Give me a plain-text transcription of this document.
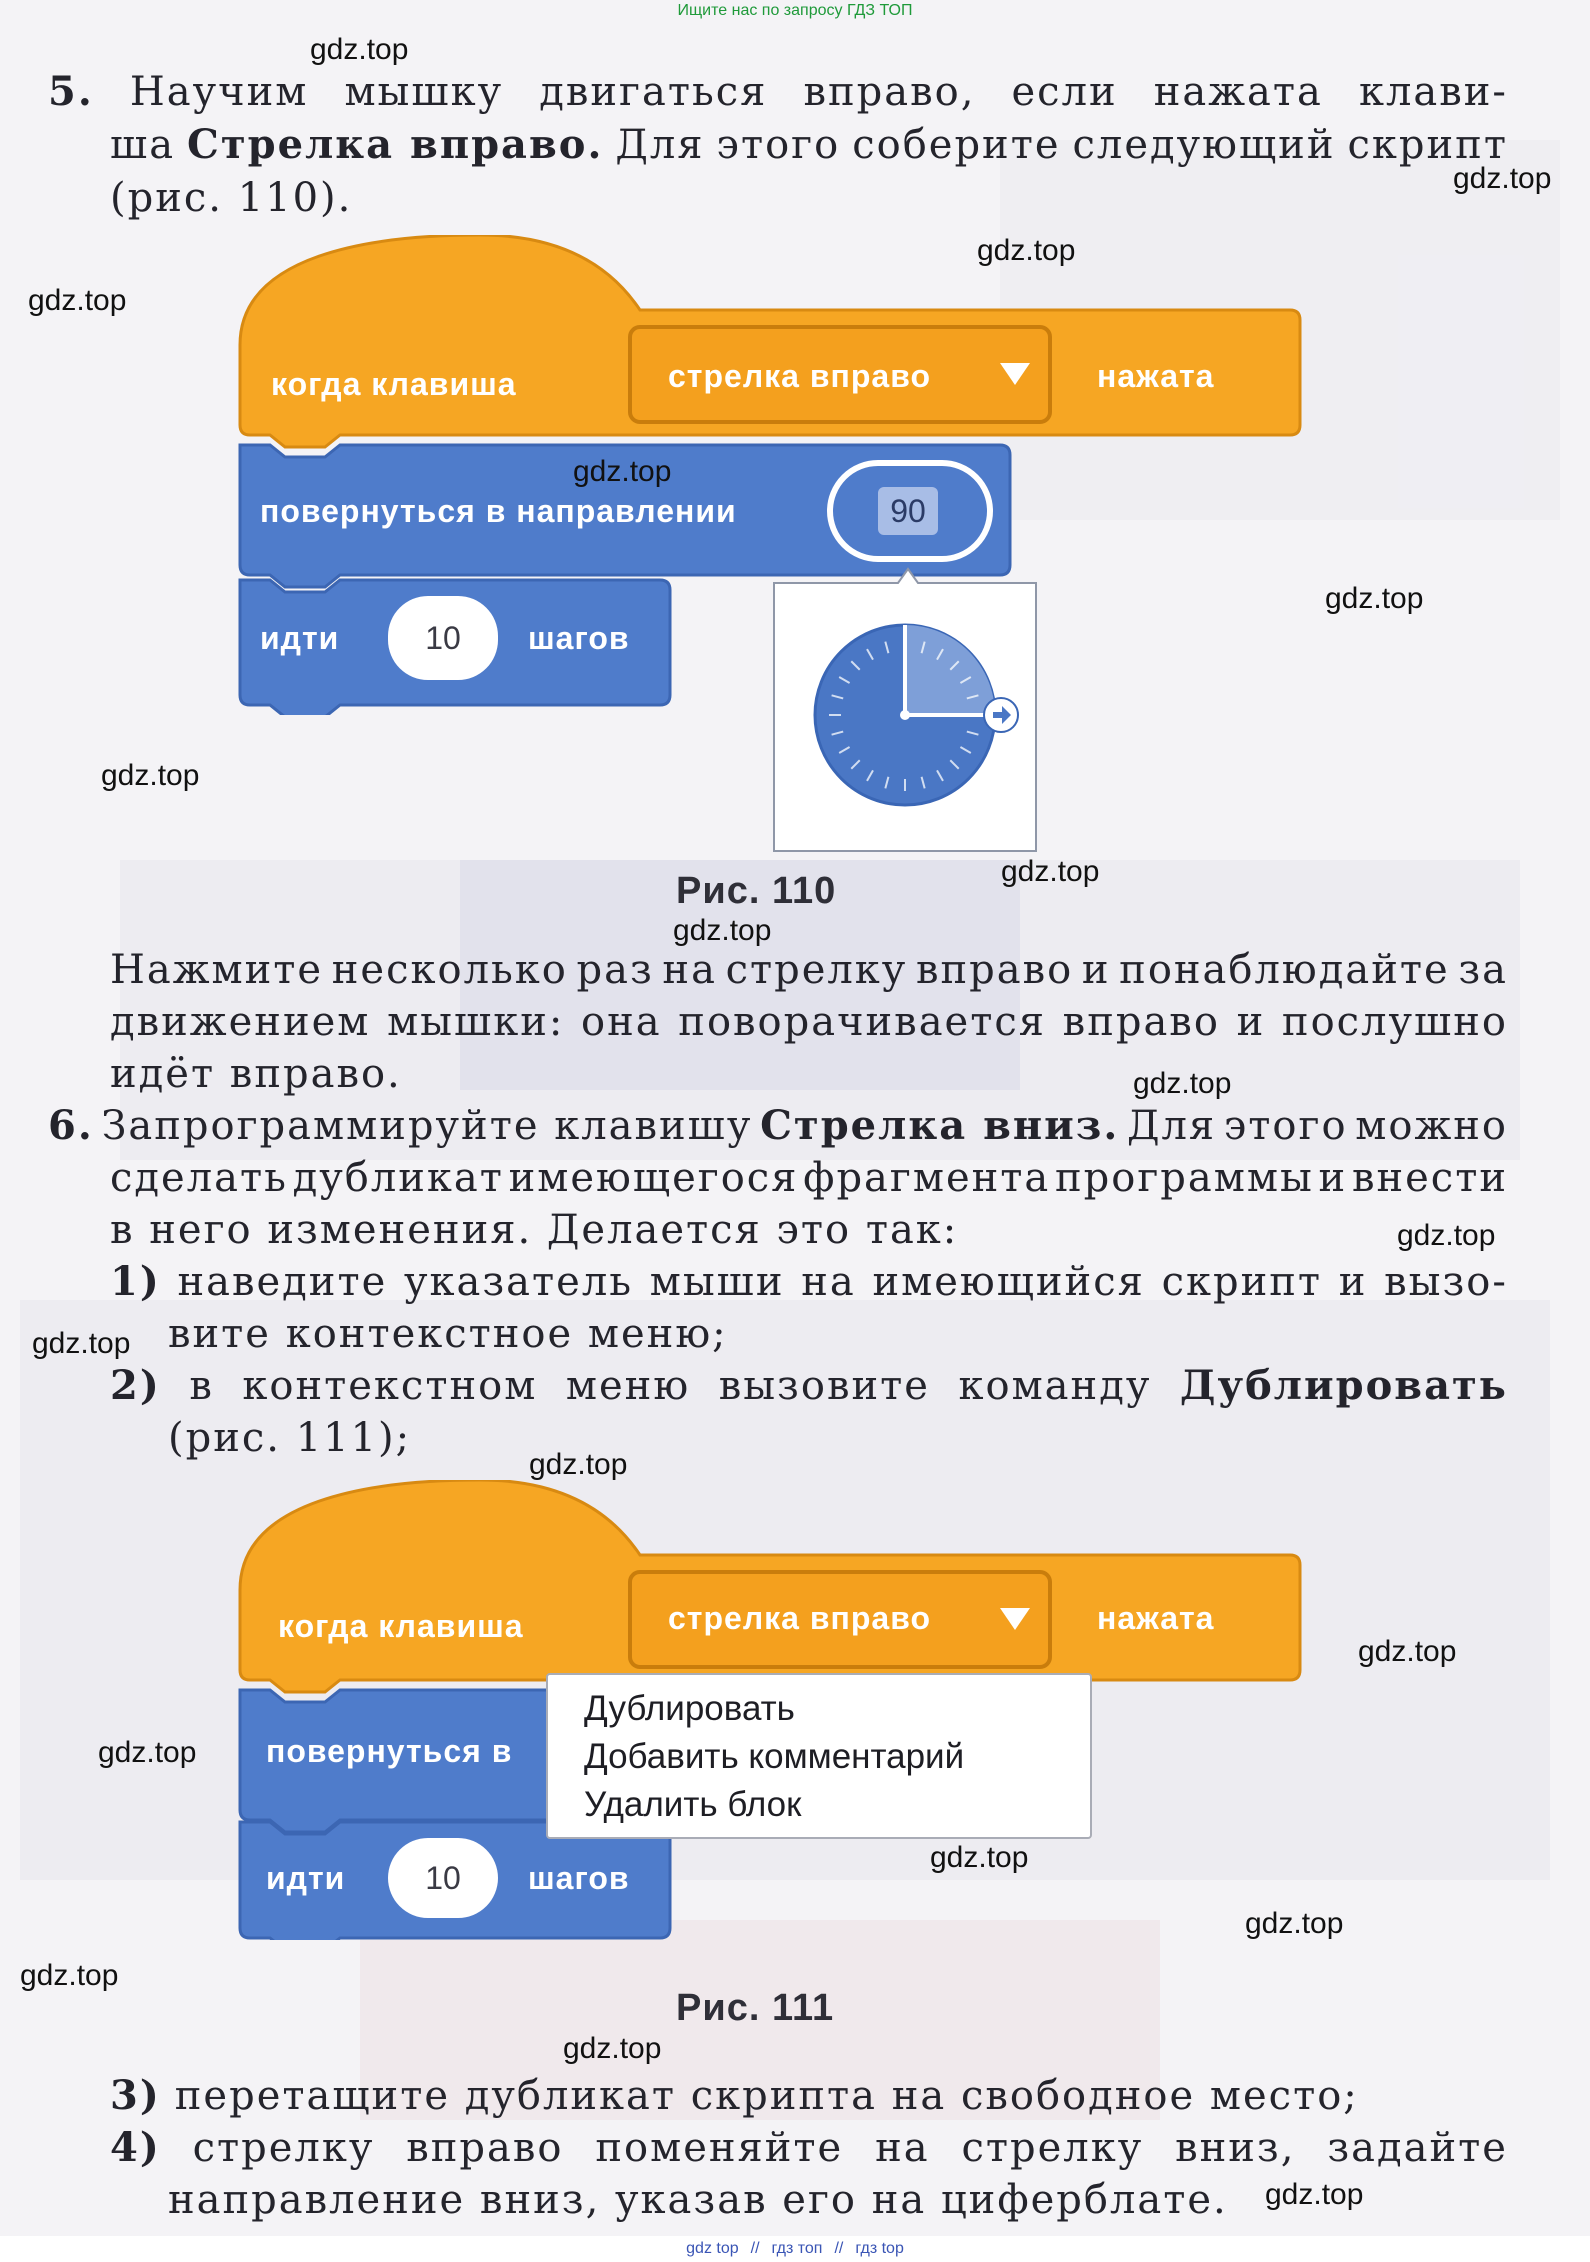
Ищите нас по запросу ГДЗ ТОП
5. Научим мышку двигаться вправо, если нажата клави-
ша Стрелка вправо. Для этого соберите следующий скрипт
(рис. 110).
когда клавиша	стрелка вправо	нажата
повернуться в направлении	90
идти	10	шагов
Рис. 110
Нажмите несколько раз на стрелку вправо и понаблюдайте за
движением мышки: она поворачивается вправо и послушно
идёт вправо.
6. Запрограммируйте клавишу Стрелка вниз. Для этого можно
сделать дубликат имеющегося фрагмента программы и внести
в него изменения. Делается это так:
1) наведите указатель мыши на имеющийся скрипт и вызо-
вите контекстное меню;
2) в контекстном меню вызовите команду Дублировать
(рис. 111);
когда клавиша	стрелка вправо	нажата
повернуться в
идти	10	шагов
Дублировать
Добавить комментарий
Удалить блок
Рис. 111
3) перетащите дубликат скрипта на свободное место;
4) стрелку вправо поменяйте на стрелку вниз, задайте
направление вниз, указав его на циферблате.
gdz.top
gdz.top
gdz.top
gdz.top
gdz.top
gdz.top
gdz.top
gdz.top
gdz.top
gdz.top
gdz.top
gdz.top
gdz.top
gdz.top
gdz.top
gdz.top
gdz.top
gdz.top
gdz.top
gdz.top
gdz top // гдз топ // гдз top
